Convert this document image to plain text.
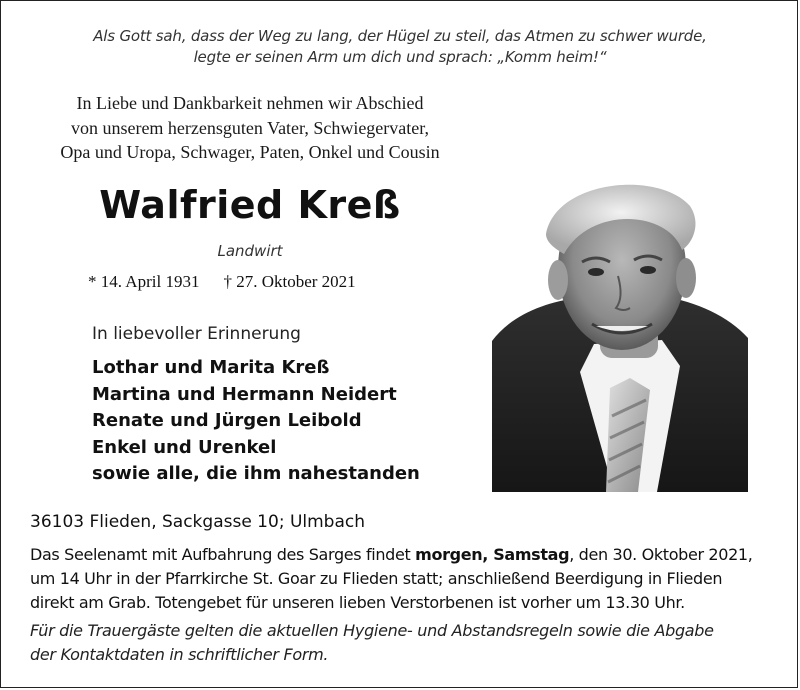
Als Gott sah, dass der Weg zu lang, der Hügel zu steil, das Atmen zu schwer wurde,
legte er seinen Arm um dich und sprach: „Komm heim!“
In Liebe und Dankbarkeit nehmen wir Abschied
von unserem herzensguten Vater, Schwiegervater,
Opa und Uropa, Schwager, Paten, Onkel und Cousin
Walfried Kreß
Landwirt
* 14. April 1931 † 27. Oktober 2021
In liebevoller Erinnerung
Lothar und Marita Kreß
Martina und Hermann Neidert
Renate und Jürgen Leibold
Enkel und Urenkel
sowie alle, die ihm nahestanden
36103 Flieden, Sackgasse 10; Ulmbach
Das Seelenamt mit Aufbahrung des Sarges findet morgen, Samstag, den 30. Oktober 2021,
um 14 Uhr in der Pfarrkirche St. Goar zu Flieden statt; anschließend Beerdigung in Flieden
direkt am Grab. Totengebet für unseren lieben Verstorbenen ist vorher um 13.30 Uhr.
Für die Trauergäste gelten die aktuellen Hygiene- und Abstandsregeln sowie die Abgabe
der Kontaktdaten in schriftlicher Form.
